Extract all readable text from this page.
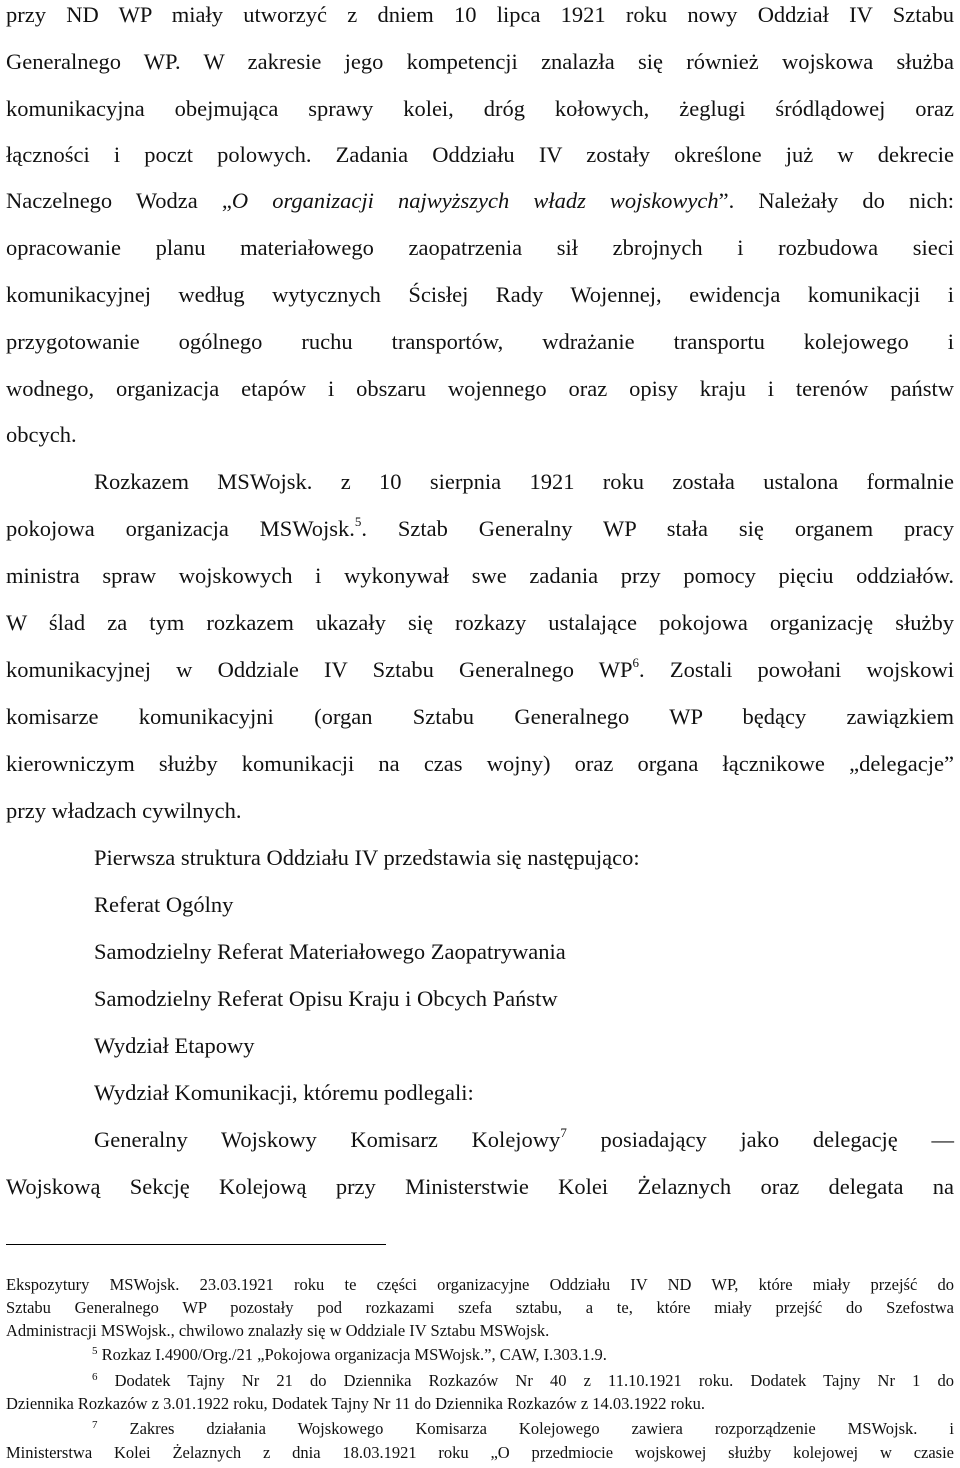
przy ND WP miały utworzyć z dniem 10 lipca 1921 roku nowy Oddział IV Sztabu
Generalnego WP. W zakresie jego kompetencji znalazła się również wojskowa służba
komunikacyjna obejmująca sprawy kolei, dróg kołowych, żeglugi śródlądowej oraz
łączności i poczt polowych. Zadania Oddziału IV zostały określone już w dekrecie
Naczelnego Wodza „O organizacji najwyższych władz wojskowych”. Należały do nich:
opracowanie planu materiałowego zaopatrzenia sił zbrojnych i rozbudowa sieci
komunikacyjnej według wytycznych Ścisłej Rady Wojennej, ewidencja komunikacji i
przygotowanie ogólnego ruchu transportów, wdrażanie transportu kolejowego i
wodnego, organizacja etapów i obszaru wojennego oraz opisy kraju i terenów państw
obcych.
Rozkazem MSWojsk. z 10 sierpnia 1921 roku została ustalona formalnie
pokojowa organizacja MSWojsk.$^5$. Sztab Generalny WP stała się organem pracy
ministra spraw wojskowych i wykonywał swe zadania przy pomocy pięciu oddziałów.
W ślad za tym rozkazem ukazały się rozkazy ustalające pokojowa organizację służby
komunikacyjnej w Oddziale IV Sztabu Generalnego $WP^6$. Zostali powołani wojskowi
komisarze komunikacyjni (organ Sztabu Generalnego WP będący zawiązkiem
kierowniczym służby komunikacji na czas wojny) oraz organa łącznikowe „delegacje”
przy władzach cywilnych.
Pierwsza struktura Oddziału IV przedstawia się następująco:
Referat Ogólny
Samodzielny Referat Materiałowego Zaopatrywania
Samodzielny Referat Opisu Kraju i Obcych Państw
Wydział Etapowy
Wydział Komunikacji, któremu podlegali:
Generalny Wojskowy Komisarz Kolejowy$^7$ posiadający jako delegację —
Wojskową Sekcję Kolejową przy Ministerstwie Kolei Żelaznych oraz delegata na
Ekspozytury MSWojsk. 23.03.1921 roku te części organizacyjne Oddziału IV ND WP, które miały przejść do
Sztabu Generalnego WP pozostały pod rozkazami szefa sztabu, a te, które miały przejść do Szefostwa
Administracji MSWojsk., chwilowo znalazły się w Oddziale IV Sztabu MSWojsk.
$^5$ Rozkaz I.4900/Org./21 „Pokojowa organizacja MSWojsk.”, CAW, I.303.1.9.
$^6$ Dodatek Tajny Nr 21 do Dziennika Rozkazów Nr 40 z 11.10.1921 roku. Dodatek Tajny Nr 1 do
Dziennika Rozkazów z 3.01.1922 roku, Dodatek Tajny Nr 11 do Dziennika Rozkazów z 14.03.1922 roku.
$^7$ Zakres działania Wojskowego Komisarza Kolejowego zawiera rozporządzenie MSWojsk. i
Ministerstwa Kolei Żelaznych z dnia 18.03.1921 roku „O przedmiocie wojskowej służby kolejowej w czasie
